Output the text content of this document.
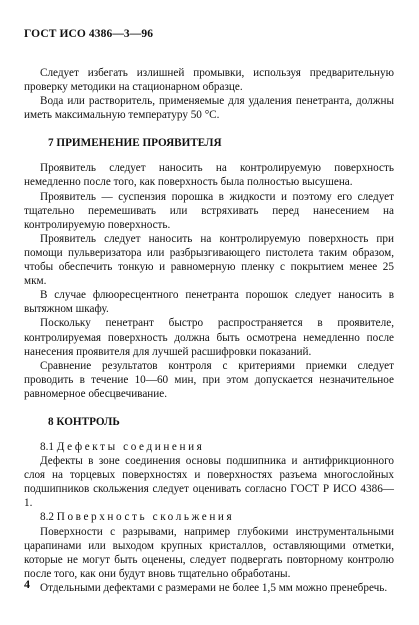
ГОСТ ИСО 4386—3—96

Следует избегать излишней промывки, используя предварительную проверку методики на стационарном образце.

Вода или растворитель, применяемые для удаления пенетранта, должны иметь максимальную температуру 50 °С.

7 ПРИМЕНЕНИЕ ПРОЯВИТЕЛЯ

Проявитель следует наносить на контролируемую поверхность немедленно после того, как поверхность была полностью высушена.

Проявитель — суспензия порошка в жидкости и поэтому его следует тщательно перемешивать или встряхивать перед нанесением на контролируемую поверхность.

Проявитель следует наносить на контролируемую поверхность при помощи пульверизатора или разбрызгивающего пистолета таким образом, чтобы обеспечить тонкую и равномерную пленку с покрытием менее 25 мкм.

В случае флюоресцентного пенетранта порошок следует наносить в вытяжном шкафу.

Поскольку пенетрант быстро распространяется в проявителе, контролируемая поверхность должна быть осмотрена немедленно после нанесения проявителя для лучшей расшифровки показаний.

Сравнение результатов контроля с критериями приемки следует проводить в течение 10—60 мин, при этом допускается незначительное равномерное обесцвечивание.

8 КОНТРОЛЬ

8.1 Дефекты соединения

Дефекты в зоне соединения основы подшипника и антифрикционного слоя на торцевых поверхностях и поверхностях разъема многослойных подшипников скольжения следует оценивать согласно ГОСТ Р ИСО 4386—1.

8.2 Поверхность скольжения

Поверхности с разрывами, например глубокими инструментальными царапинами или выходом крупных кристаллов, оставляющими отметки, которые не могут быть оценены, следует подвергать повторному контролю после того, как они будут вновь тщательно обработаны.

Отдельными дефектами с размерами не более 1,5 мм можно пренебречь.

4
